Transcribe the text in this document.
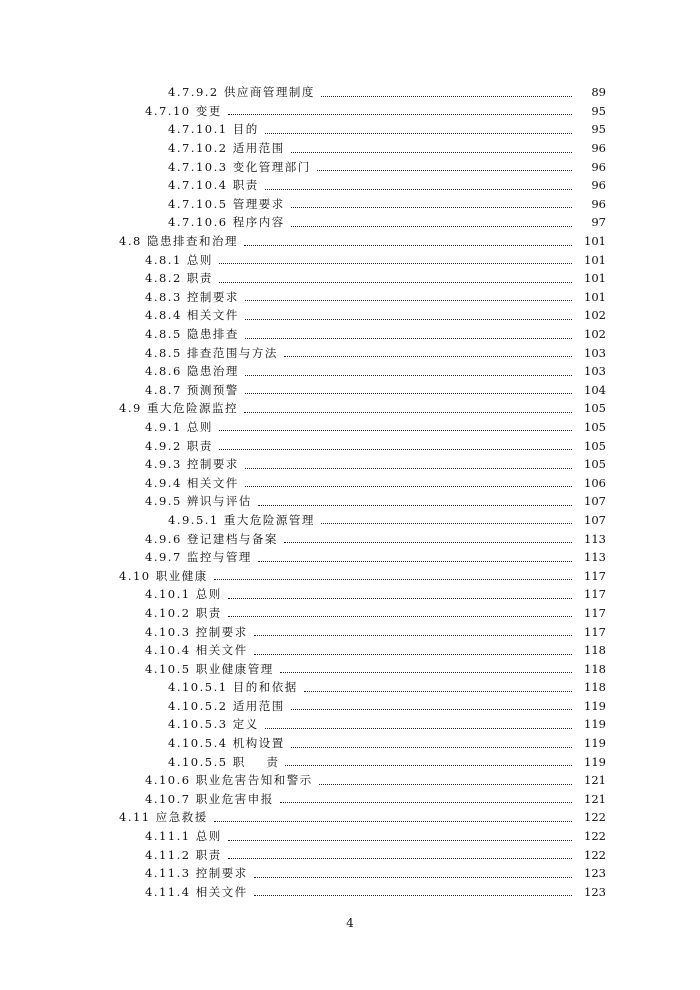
4.7.9.2 供应商管理制度	89
4.7.10 变更	95
4.7.10.1 目的	95
4.7.10.2 适用范围	96
4.7.10.3 变化管理部门	96
4.7.10.4 职责	96
4.7.10.5 管理要求	96
4.7.10.6 程序内容	97
4.8 隐患排查和治理	101
4.8.1 总则	101
4.8.2 职责	101
4.8.3 控制要求	101
4.8.4 相关文件	102
4.8.5 隐患排查	102
4.8.5 排查范围与方法	103
4.8.6 隐患治理	103
4.8.7 预测预警	104
4.9 重大危险源监控	105
4.9.1 总则	105
4.9.2 职责	105
4.9.3 控制要求	105
4.9.4 相关文件	106
4.9.5 辨识与评估	107
4.9.5.1 重大危险源管理	107
4.9.6 登记建档与备案	113
4.9.7 监控与管理	113
4.10 职业健康	117
4.10.1 总则	117
4.10.2 职责	117
4.10.3 控制要求	117
4.10.4 相关文件	118
4.10.5 职业健康管理	118
4.10.5.1 目的和依据	118
4.10.5.2 适用范围	119
4.10.5.3 定义	119
4.10.5.4 机构设置	119
4.10.5.5 职    责	119
4.10.6 职业危害告知和警示	121
4.10.7 职业危害申报	121
4.11 应急救援	122
4.11.1 总则	122
4.11.2 职责	122
4.11.3 控制要求	123
4.11.4 相关文件	123
4
